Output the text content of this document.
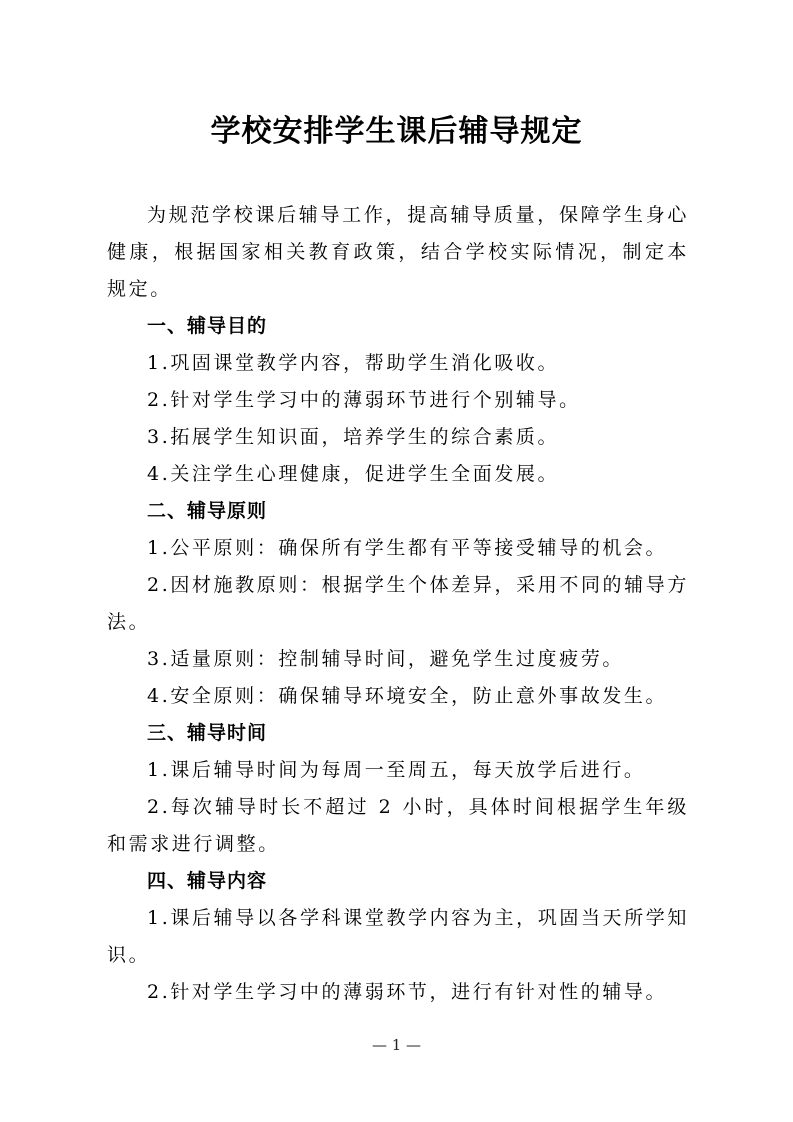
学校安排学生课后辅导规定

为规范学校课后辅导工作，提高辅导质量，保障学生身心健康，根据国家相关教育政策，结合学校实际情况，制定本规定。

一、辅导目的

1.巩固课堂教学内容，帮助学生消化吸收。

2.针对学生学习中的薄弱环节进行个别辅导。

3.拓展学生知识面，培养学生的综合素质。

4.关注学生心理健康，促进学生全面发展。

二、辅导原则

1.公平原则：确保所有学生都有平等接受辅导的机会。

2.因材施教原则：根据学生个体差异，采用不同的辅导方法。

3.适量原则：控制辅导时间，避免学生过度疲劳。

4.安全原则：确保辅导环境安全，防止意外事故发生。

三、辅导时间

1.课后辅导时间为每周一至周五，每天放学后进行。

2.每次辅导时长不超过 2 小时，具体时间根据学生年级和需求进行调整。

四、辅导内容

1.课后辅导以各学科课堂教学内容为主，巩固当天所学知识。

2.针对学生学习中的薄弱环节，进行有针对性的辅导。

— 1 —
